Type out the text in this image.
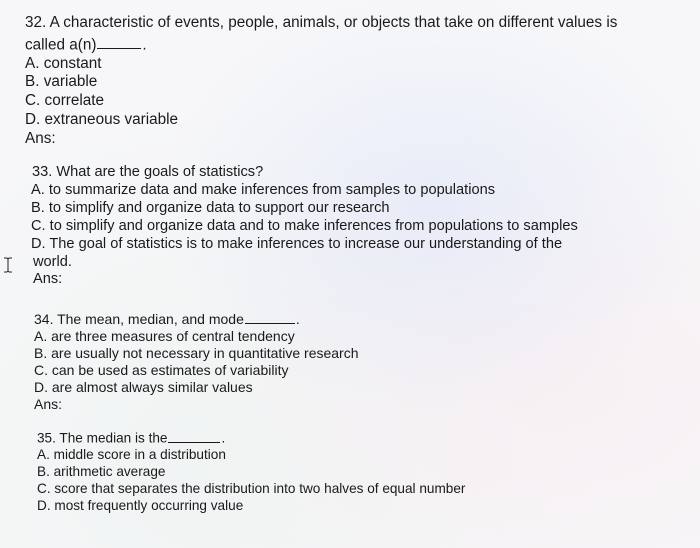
32. A characteristic of events, people, animals, or objects that take on different values is

called a(n)	.

A. constant

B. variable

C. correlate

D. extraneous variable

Ans:

33. What are the goals of statistics?

A. to summarize data and make inferences from samples to populations

B. to simplify and organize data to support our research

C. to simplify and organize data and to make inferences from populations to samples

D. The goal of statistics is to make inferences to increase our understanding of the

world.

Ans:

34. The mean, median, and mode	.

A. are three measures of central tendency

B. are usually not necessary in quantitative research

C. can be used as estimates of variability

D. are almost always similar values

Ans:

35. The median is the	.

A. middle score in a distribution

B. arithmetic average

C. score that separates the distribution into two halves of equal number

D. most frequently occurring value
